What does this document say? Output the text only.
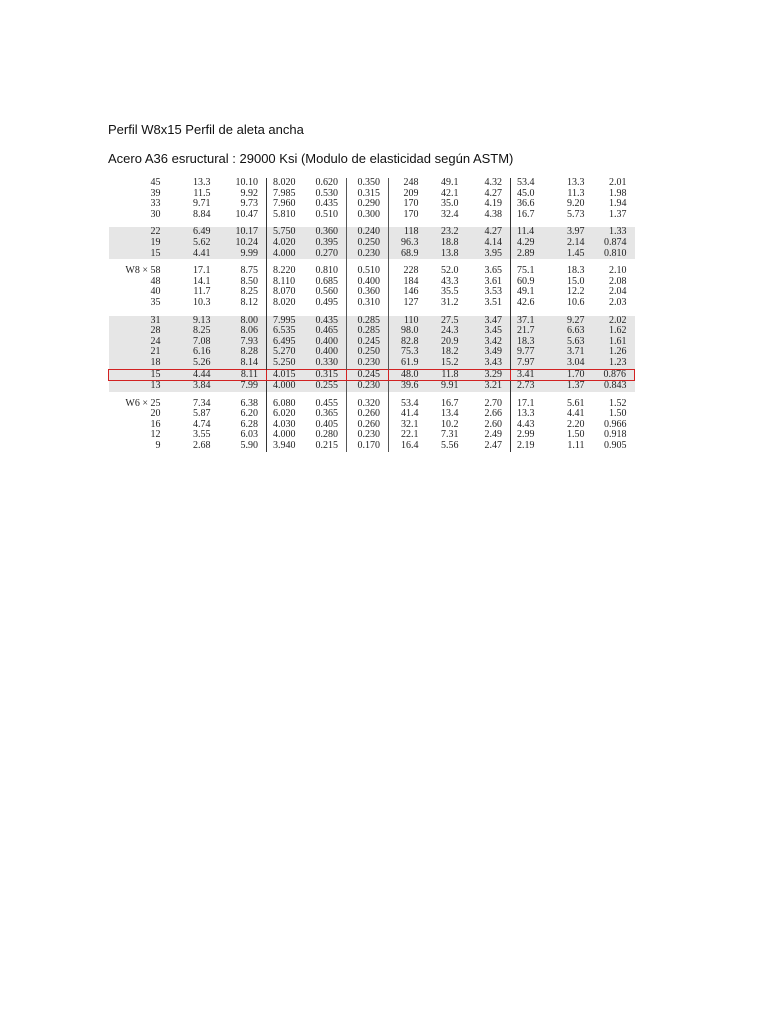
Perfil W8x15 Perfil de aleta ancha
Acero A36 esructural : 29000 Ksi (Modulo de elasticidad según ASTM)
45	13.3	10.10	8.020	0.620	0.350	248	49.1	4.32	53.4	13.3	2.01
39	11.5	9.92	7.985	0.530	0.315	209	42.1	4.27	45.0	11.3	1.98
33	9.71	9.73	7.960	0.435	0.290	170	35.0	4.19	36.6	9.20	1.94
30	8.84	10.47	5.810	0.510	0.300	170	32.4	4.38	16.7	5.73	1.37

22	6.49	10.17	5.750	0.360	0.240	118	23.2	4.27	11.4	3.97	1.33
19	5.62	10.24	4.020	0.395	0.250	96.3	18.8	4.14	4.29	2.14	0.874
15	4.41	9.99	4.000	0.270	0.230	68.9	13.8	3.95	2.89	1.45	0.810

W8 × 58	17.1	8.75	8.220	0.810	0.510	228	52.0	3.65	75.1	18.3	2.10
48	14.1	8.50	8.110	0.685	0.400	184	43.3	3.61	60.9	15.0	2.08
40	11.7	8.25	8.070	0.560	0.360	146	35.5	3.53	49.1	12.2	2.04
35	10.3	8.12	8.020	0.495	0.310	127	31.2	3.51	42.6	10.6	2.03

31	9.13	8.00	7.995	0.435	0.285	110	27.5	3.47	37.1	9.27	2.02
28	8.25	8.06	6.535	0.465	0.285	98.0	24.3	3.45	21.7	6.63	1.62
24	7.08	7.93	6.495	0.400	0.245	82.8	20.9	3.42	18.3	5.63	1.61
21	6.16	8.28	5.270	0.400	0.250	75.3	18.2	3.49	9.77	3.71	1.26
18	5.26	8.14	5.250	0.330	0.230	61.9	15.2	3.43	7.97	3.04	1.23
15	4.44	8.11	4.015	0.315	0.245	48.0	11.8	3.29	3.41	1.70	0.876
13	3.84	7.99	4.000	0.255	0.230	39.6	9.91	3.21	2.73	1.37	0.843

W6 × 25	7.34	6.38	6.080	0.455	0.320	53.4	16.7	2.70	17.1	5.61	1.52
20	5.87	6.20	6.020	0.365	0.260	41.4	13.4	2.66	13.3	4.41	1.50
16	4.74	6.28	4.030	0.405	0.260	32.1	10.2	2.60	4.43	2.20	0.966
12	3.55	6.03	4.000	0.280	0.230	22.1	7.31	2.49	2.99	1.50	0.918
9	2.68	5.90	3.940	0.215	0.170	16.4	5.56	2.47	2.19	1.11	0.905
